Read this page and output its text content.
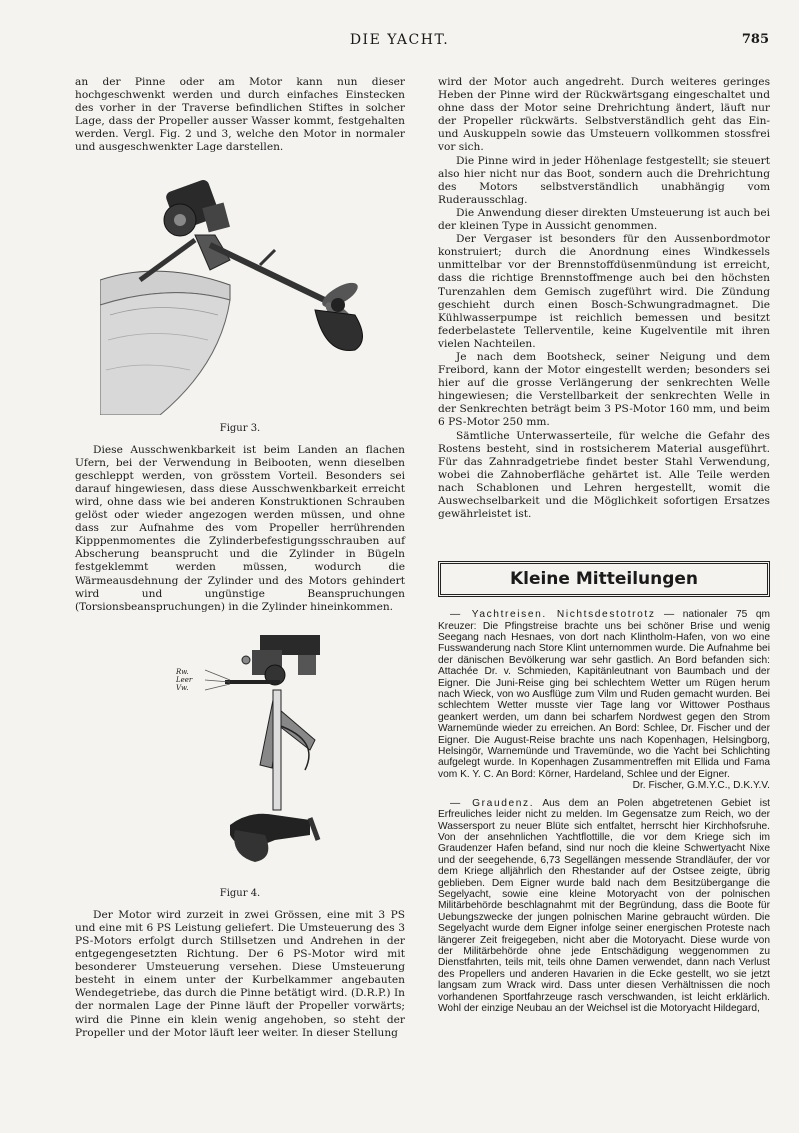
DIE YACHT.	785

an der Pinne oder am Motor kann nun dieser hochgeschwenkt werden und durch einfaches Einstecken des vorher in der Traverse befindlichen Stiftes in solcher Lage, dass der Propeller ausser Wasser kommt, festgehalten werden. Vergl. Fig. 2 und 3, welche den Motor in normaler und ausgeschwenkter Lage darstellen.

Figur 3.

Diese Ausschwenkbarkeit ist beim Landen an flachen Ufern, bei der Verwendung in Beibooten, wenn dieselben geschleppt werden, von grösstem Vorteil. Besonders sei darauf hingewiesen, dass diese Ausschwenkbarkeit erreicht wird, ohne dass wie bei anderen Konstruktionen Schrauben gelöst oder wieder angezogen werden müssen, und ohne dass zur Aufnahme des vom Propeller herrührenden Kipppenmomentes die Zylinderbefestigungsschrauben auf Abscherung beansprucht und die Zylinder in Bügeln festgeklemmt werden müssen, wodurch die Wärmeausdehnung der Zylinder und des Motors gehindert wird und ungünstige Beanspruchungen (Torsionsbeanspruchungen) in die Zylinder hineinkommen.

Rw.
Leer
Vw.
Figur 4.

Der Motor wird zurzeit in zwei Grössen, eine mit 3 PS und eine mit 6 PS Leistung geliefert. Die Umsteuerung des 3 PS-Motors erfolgt durch Stillsetzen und Andrehen in der entgegengesetzten Richtung. Der 6 PS-Motor wird mit besonderer Umsteuerung versehen. Diese Umsteuerung besteht in einem unter der Kurbelkammer angebauten Wendegetriebe, das durch die Pinne betätigt wird. (D.R.P.) In der normalen Lage der Pinne läuft der Propeller vorwärts; wird die Pinne ein klein wenig angehoben, so steht der Propeller und der Motor läuft leer weiter. In dieser Stellung

wird der Motor auch angedreht. Durch weiteres geringes Heben der Pinne wird der Rückwärtsgang eingeschaltet und ohne dass der Motor seine Drehrichtung ändert, läuft nur der Propeller rückwärts. Selbstverständlich geht das Ein- und Auskuppeln sowie das Umsteuern vollkommen stossfrei vor sich.

Die Pinne wird in jeder Höhenlage festgestellt; sie steuert also hier nicht nur das Boot, sondern auch die Drehrichtung des Motors selbstverständlich unabhängig vom Ruderausschlag.

Die Anwendung dieser direkten Umsteuerung ist auch bei der kleinen Type in Aussicht genommen.

Der Vergaser ist besonders für den Aussenbordmotor konstruiert; durch die Anordnung eines Windkessels unmittelbar vor der Brennstoffdüsenmündung ist erreicht, dass die richtige Brennstoffmenge auch bei den höchsten Turenzahlen dem Gemisch zugeführt wird. Die Zündung geschieht durch einen Bosch-Schwungradmagnet. Die Kühlwasserpumpe ist reichlich bemessen und besitzt federbelastete Tellerventile, keine Kugelventile mit ihren vielen Nachteilen.

Je nach dem Bootsheck, seiner Neigung und dem Freibord, kann der Motor eingestellt werden; besonders sei hier auf die grosse Verlängerung der senkrechten Welle hingewiesen; die Verstellbarkeit der senkrechten Welle in der Senkrechten beträgt beim 3 PS-Motor 160 mm, und beim 6 PS-Motor 250 mm.

Sämtliche Unterwasserteile, für welche die Gefahr des Rostens besteht, sind in rostsicherem Material ausgeführt. Für das Zahnradgetriebe findet bester Stahl Verwendung, wobei die Zahnoberfläche gehärtet ist. Alle Teile werden nach Schablonen und Lehren hergestellt, womit die Auswechselbarkeit und die Möglichkeit sofortigen Ersatzes gewährleistet ist.

Kleine Mitteilungen

— Yachtreisen. Nichtsdestotrotz — nationaler 75 qm Kreuzer: Die Pfingstreise brachte uns bei schöner Brise und wenig Seegang nach Hesnaes, von dort nach Klintholm-Hafen, von wo eine Fusswanderung nach Store Klint unternommen wurde. Die Aufnahme bei der dänischen Bevölkerung war sehr gastlich. An Bord befanden sich: Attachée Dr. v. Schmieden, Kapitänleutnant von Baumbach und der Eigner. Die Juni-Reise ging bei schlechtem Wetter um Rügen herum nach Wieck, von wo Ausflüge zum Vilm und Ruden gemacht wurden. Bei schlechtem Wetter musste vier Tage lang vor Wittower Posthaus geankert werden, um dann bei scharfem Nordwest gegen den Strom Warnemünde wieder zu erreichen. An Bord: Schlee, Dr. Fischer und der Eigner. Die August-Reise brachte uns nach Kopenhagen, Helsingborg, Helsingör, Warnemünde und Travemünde, wo die Yacht bei Schlichting aufgelegt wurde. In Kopenhagen Zusammentreffen mit Ellida und Fama vom K. Y. C. An Bord: Körner, Hardeland, Schlee und der Eigner.
Dr. Fischer, G.M.Y.C., D.K.Y.V.

— Graudenz. Aus dem an Polen abgetretenen Gebiet ist Erfreuliches leider nicht zu melden. Im Gegensatze zum Reich, wo der Wassersport zu neuer Blüte sich entfaltet, herrscht hier Kirchhofsruhe. Von der ansehnlichen Yachtflottille, die vor dem Kriege sich im Graudenzer Hafen befand, sind nur noch die kleine Schwertyacht Nixe und der seegehende, 6,73 Segellängen messende Strandläufer, der vor dem Kriege alljährlich den Rhestander auf der Ostsee zeigte, übrig geblieben. Dem Eigner wurde bald nach dem Besitzübergange die Segelyacht, sowie eine kleine Motoryacht von der polnischen Militärbehörde beschlagnahmt mit der Begründung, dass die Boote für Uebungszwecke der jungen polnischen Marine gebraucht würden. Die Segelyacht wurde dem Eigner infolge seiner energischen Proteste nach längerer Zeit freigegeben, nicht aber die Motoryacht. Diese wurde von der Militärbehörde ohne jede Entschädigung weggenommen zu Dienstfahrten, teils mit, teils ohne Damen verwendet, dann nach Verlust des Propellers und anderen Havarien in die Ecke gestellt, wo sie jetzt langsam zum Wrack wird. Dass unter diesen Verhältnissen die noch vorhandenen Sportfahrzeuge rasch verschwanden, ist leicht erklärlich. Wohl der einzige Neubau an der Weichsel ist die Motoryacht Hildegard,
